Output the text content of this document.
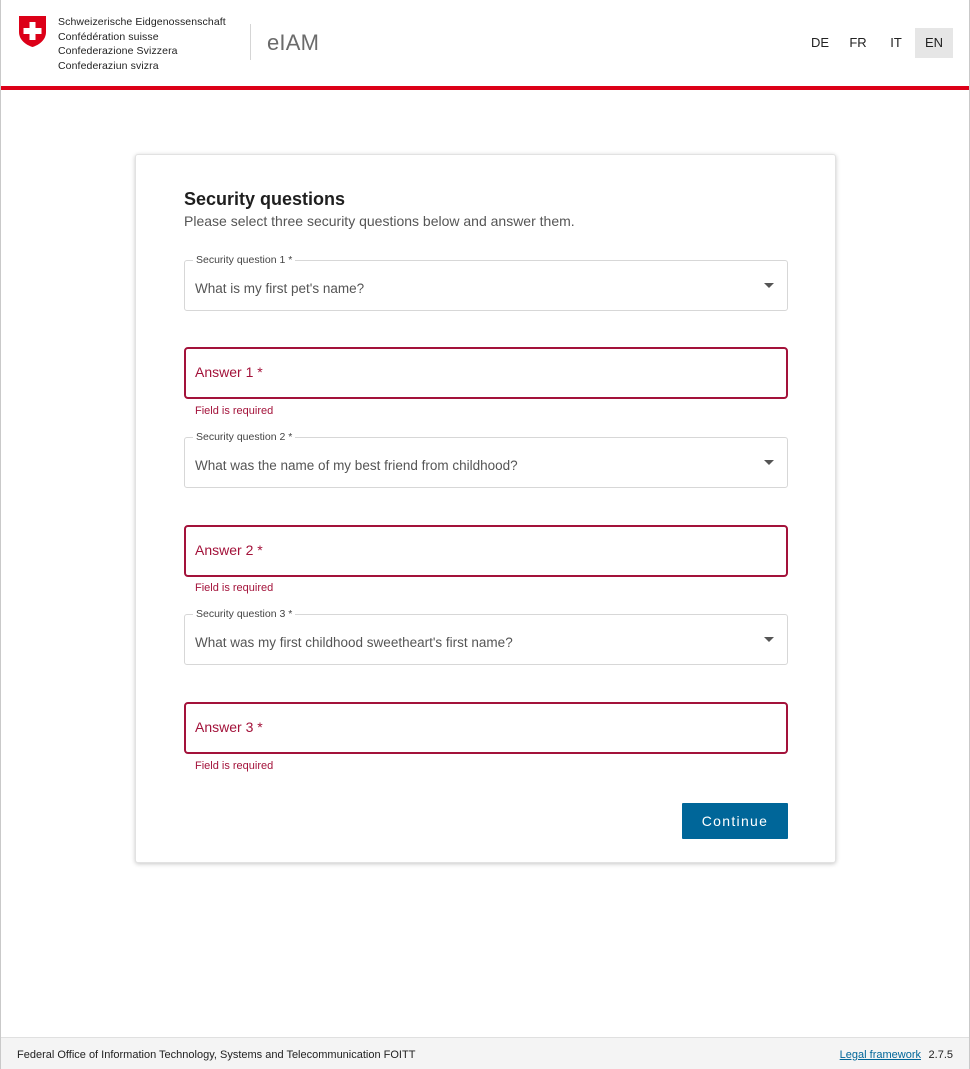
Schweizerische Eidgenossenschaft
Confédération suisse
Confederazione Svizzera
Confederaziun svizra
eIAM	DE	FR	IT	EN
Security questions
Please select three security questions below and answer them.
Security question 1 *
What is my first pet's name?
Answer 1 *
Field is required
Security question 2 *
What was the name of my best friend from childhood?
Answer 2 *
Field is required
Security question 3 *
What was my first childhood sweetheart's first name?
Answer 3 *
Field is required
Continue
Federal Office of Information Technology, Systems and Telecommunication FOITT	Legal framework 2.7.5
